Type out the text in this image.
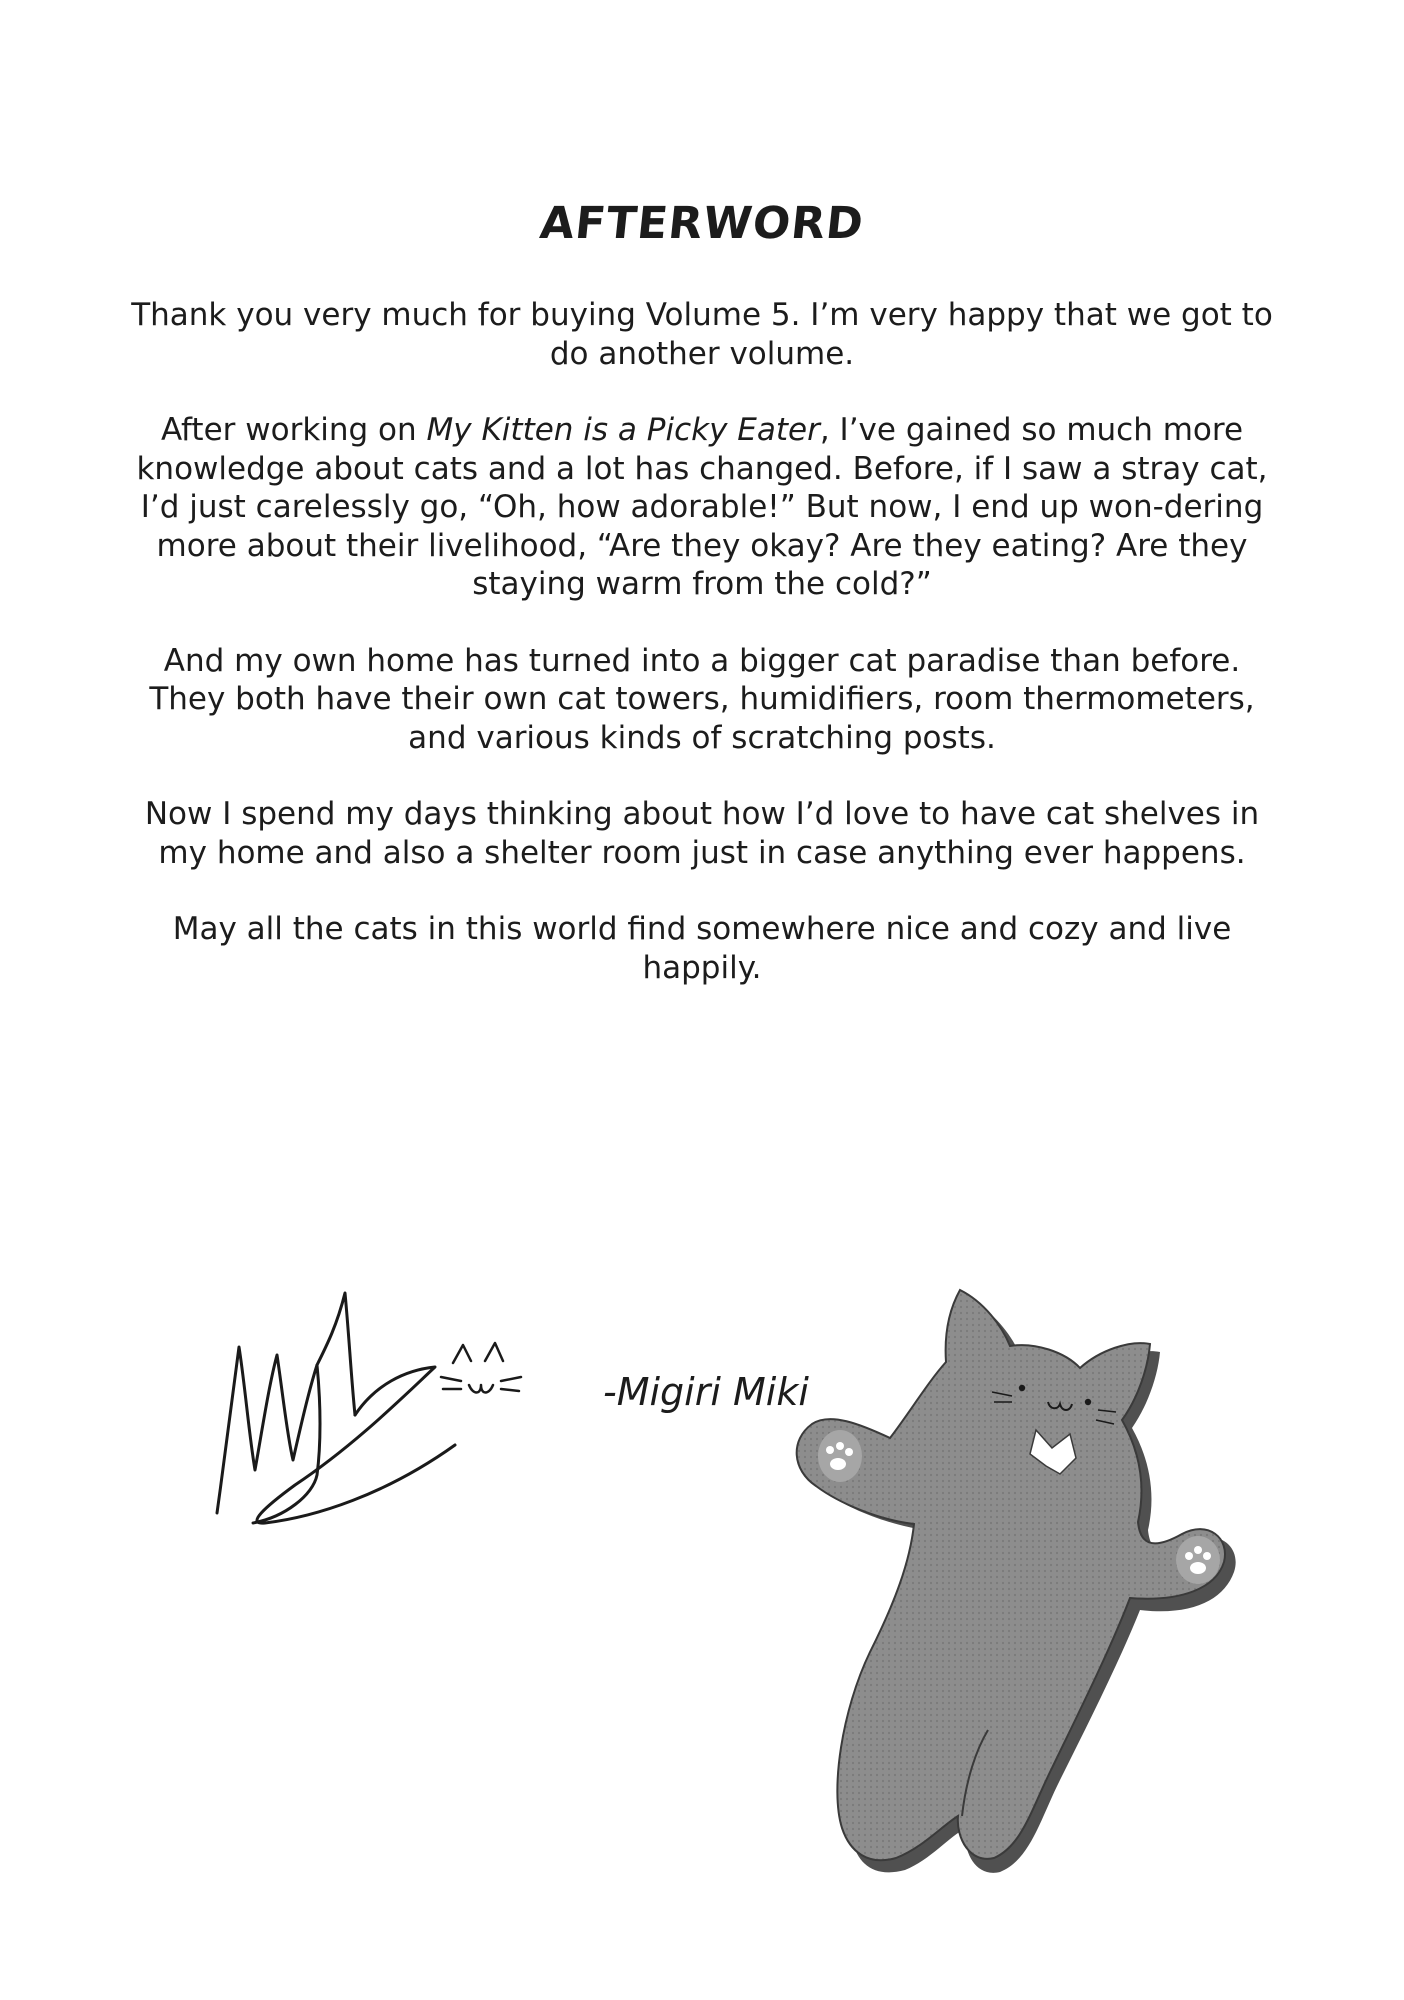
AFTERWORD

Thank you very much for buying Volume 5. I’m very happy that we got to do another volume.

After working on My Kitten is a Picky Eater, I’ve gained so much more knowledge about cats and a lot has changed. Before, if I saw a stray cat, I’d just carelessly go, “Oh, how adorable!” But now, I end up won-dering more about their livelihood, “Are they okay? Are they eating? Are they staying warm from the cold?”

And my own home has turned into a bigger cat paradise than before. They both have their own cat towers, humidifiers, room thermometers, and various kinds of scratching posts.

Now I spend my days thinking about how I’d love to have cat shelves in my home and also a shelter room just in case anything ever happens.

May all the cats in this world find somewhere nice and cozy and live happily.

-Migiri Miki
